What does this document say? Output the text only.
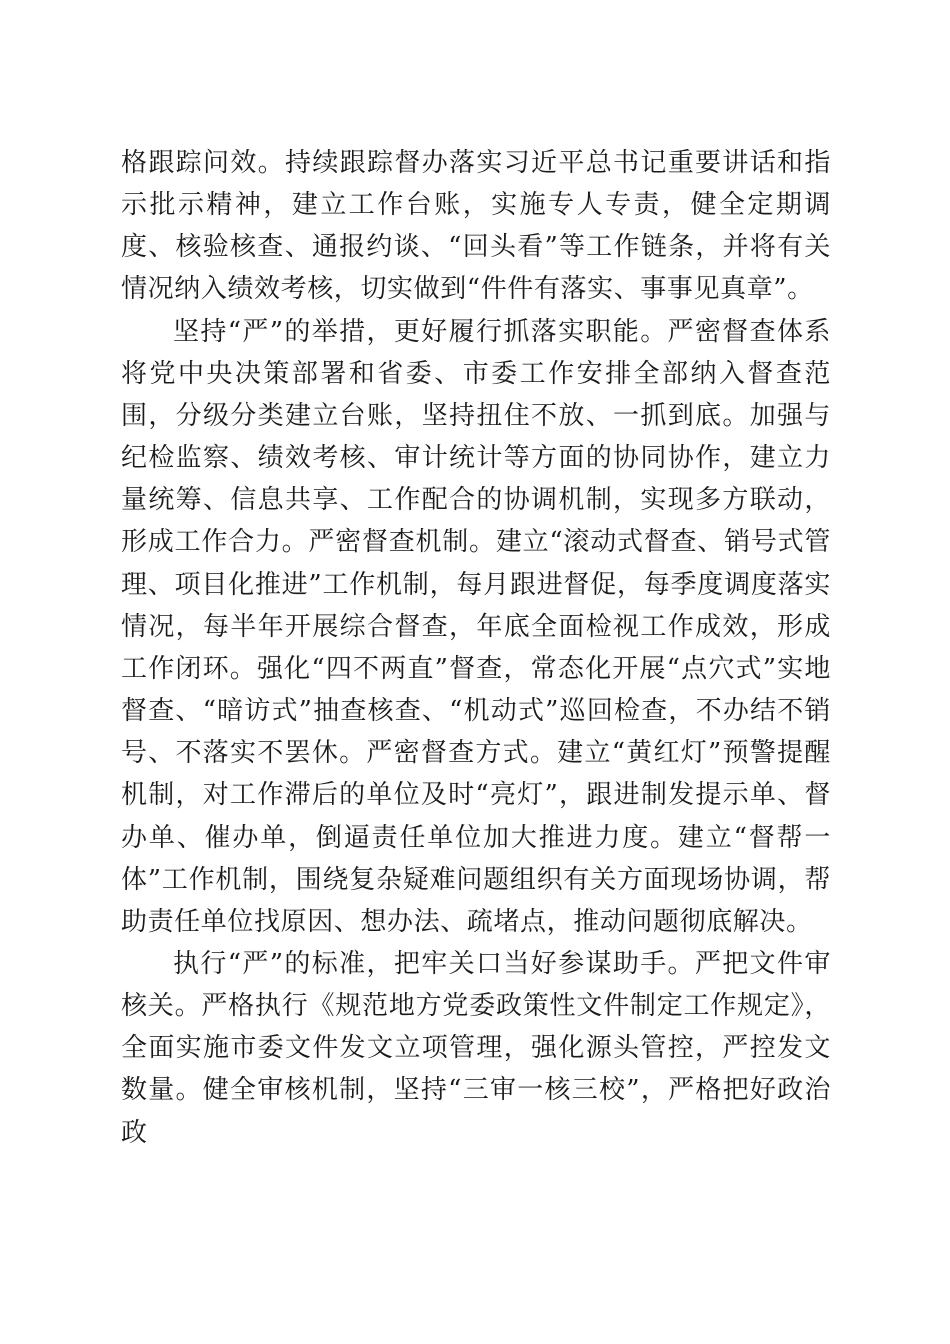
格跟踪问效。持续跟踪督办落实习近平总书记重要讲话和指示批示精神，建立工作台账，实施专人专责，健全定期调度、核验核查、通报约谈、“回头看”等工作链条，并将有关情况纳入绩效考核，切实做到“件件有落实、事事见真章”。

坚持“严”的举措，更好履行抓落实职能。严密督查体系将党中央决策部署和省委、市委工作安排全部纳入督查范围，分级分类建立台账，坚持扭住不放、一抓到底。加强与纪检监察、绩效考核、审计统计等方面的协同协作，建立力量统筹、信息共享、工作配合的协调机制，实现多方联动，形成工作合力。严密督查机制。建立“滚动式督查、销号式管理、项目化推进”工作机制，每月跟进督促，每季度调度落实情况，每半年开展综合督查，年底全面检视工作成效，形成工作闭环。强化“四不两直”督查，常态化开展“点穴式”实地督查、“暗访式”抽查核查、“机动式”巡回检查，不办结不销号、不落实不罢休。严密督查方式。建立“黄红灯”预警提醒机制，对工作滞后的单位及时“亮灯”，跟进制发提示单、督办单、催办单，倒逼责任单位加大推进力度。建立“督帮一体”工作机制，围绕复杂疑难问题组织有关方面现场协调，帮助责任单位找原因、想办法、疏堵点，推动问题彻底解决。

执行“严”的标准，把牢关口当好参谋助手。严把文件审核关。严格执行《规范地方党委政策性文件制定工作规定》，全面实施市委文件发文立项管理，强化源头管控，严控发文数量。健全审核机制，坚持“三审一核三校”，严格把好政治政
